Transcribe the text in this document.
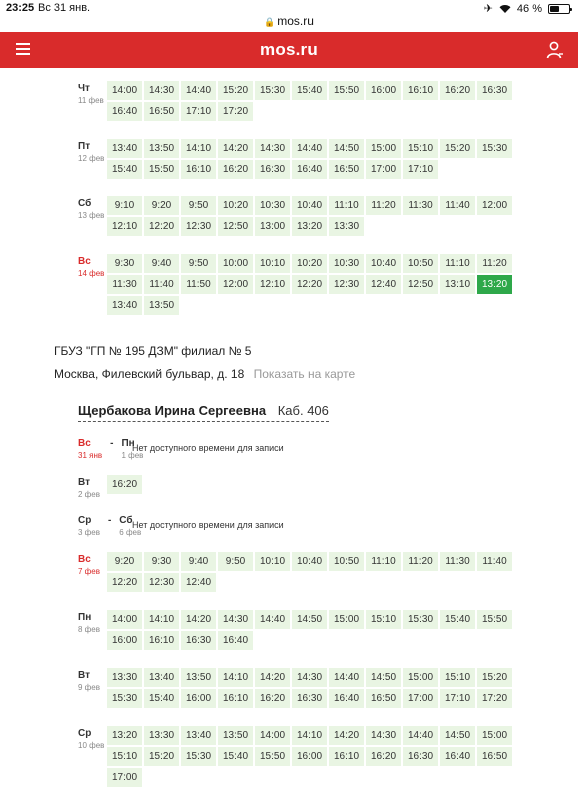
23:25 Вс 31 янв.	✈ 46 %
🔒 mos.ru
mos.ru
Чт
11 фев
14:00	14:30	14:40	15:20	15:30	15:40	15:50	16:00	16:10	16:20	16:30
16:40	16:50	17:10	17:20
Пт
12 фев
13:40	13:50	14:10	14:20	14:30	14:40	14:50	15:00	15:10	15:20	15:30
15:40	15:50	16:10	16:20	16:30	16:40	16:50	17:00	17:10
Сб
13 фев
9:10	9:20	9:50	10:20	10:30	10:40	11:10	11:20	11:30	11:40	12:00
12:10	12:20	12:30	12:50	13:00	13:20	13:30
Вс
14 фев
9:30	9:40	9:50	10:00	10:10	10:20	10:30	10:40	10:50	11:10	11:20
11:30	11:40	11:50	12:00	12:10	12:20	12:30	12:40	12:50	13:10	13:20
13:40	13:50
ГБУЗ "ГП № 195 ДЗМ" филиал № 5
Москва, Филевский бульвар, д. 18 Показать на карте
Щербакова Ирина Сергеевна Каб. 406
Вс
31 янв
- Пн
1 фев
Нет доступного времени для записи
Вт
2 фев
16:20
Ср
3 фев
- Сб
6 фев
Нет доступного времени для записи
Вс
7 фев
9:20	9:30	9:40	9:50	10:10	10:40	10:50	11:10	11:20	11:30	11:40
12:20	12:30	12:40
Пн
8 фев
14:00	14:10	14:20	14:30	14:40	14:50	15:00	15:10	15:30	15:40	15:50
16:00	16:10	16:30	16:40
Вт
9 фев
13:30	13:40	13:50	14:10	14:20	14:30	14:40	14:50	15:00	15:10	15:20
15:30	15:40	16:00	16:10	16:20	16:30	16:40	16:50	17:00	17:10	17:20
Ср
10 фев
13:20	13:30	13:40	13:50	14:00	14:10	14:20	14:30	14:40	14:50	15:00
15:10	15:20	15:30	15:40	15:50	16:00	16:10	16:20	16:30	16:40	16:50
17:00
